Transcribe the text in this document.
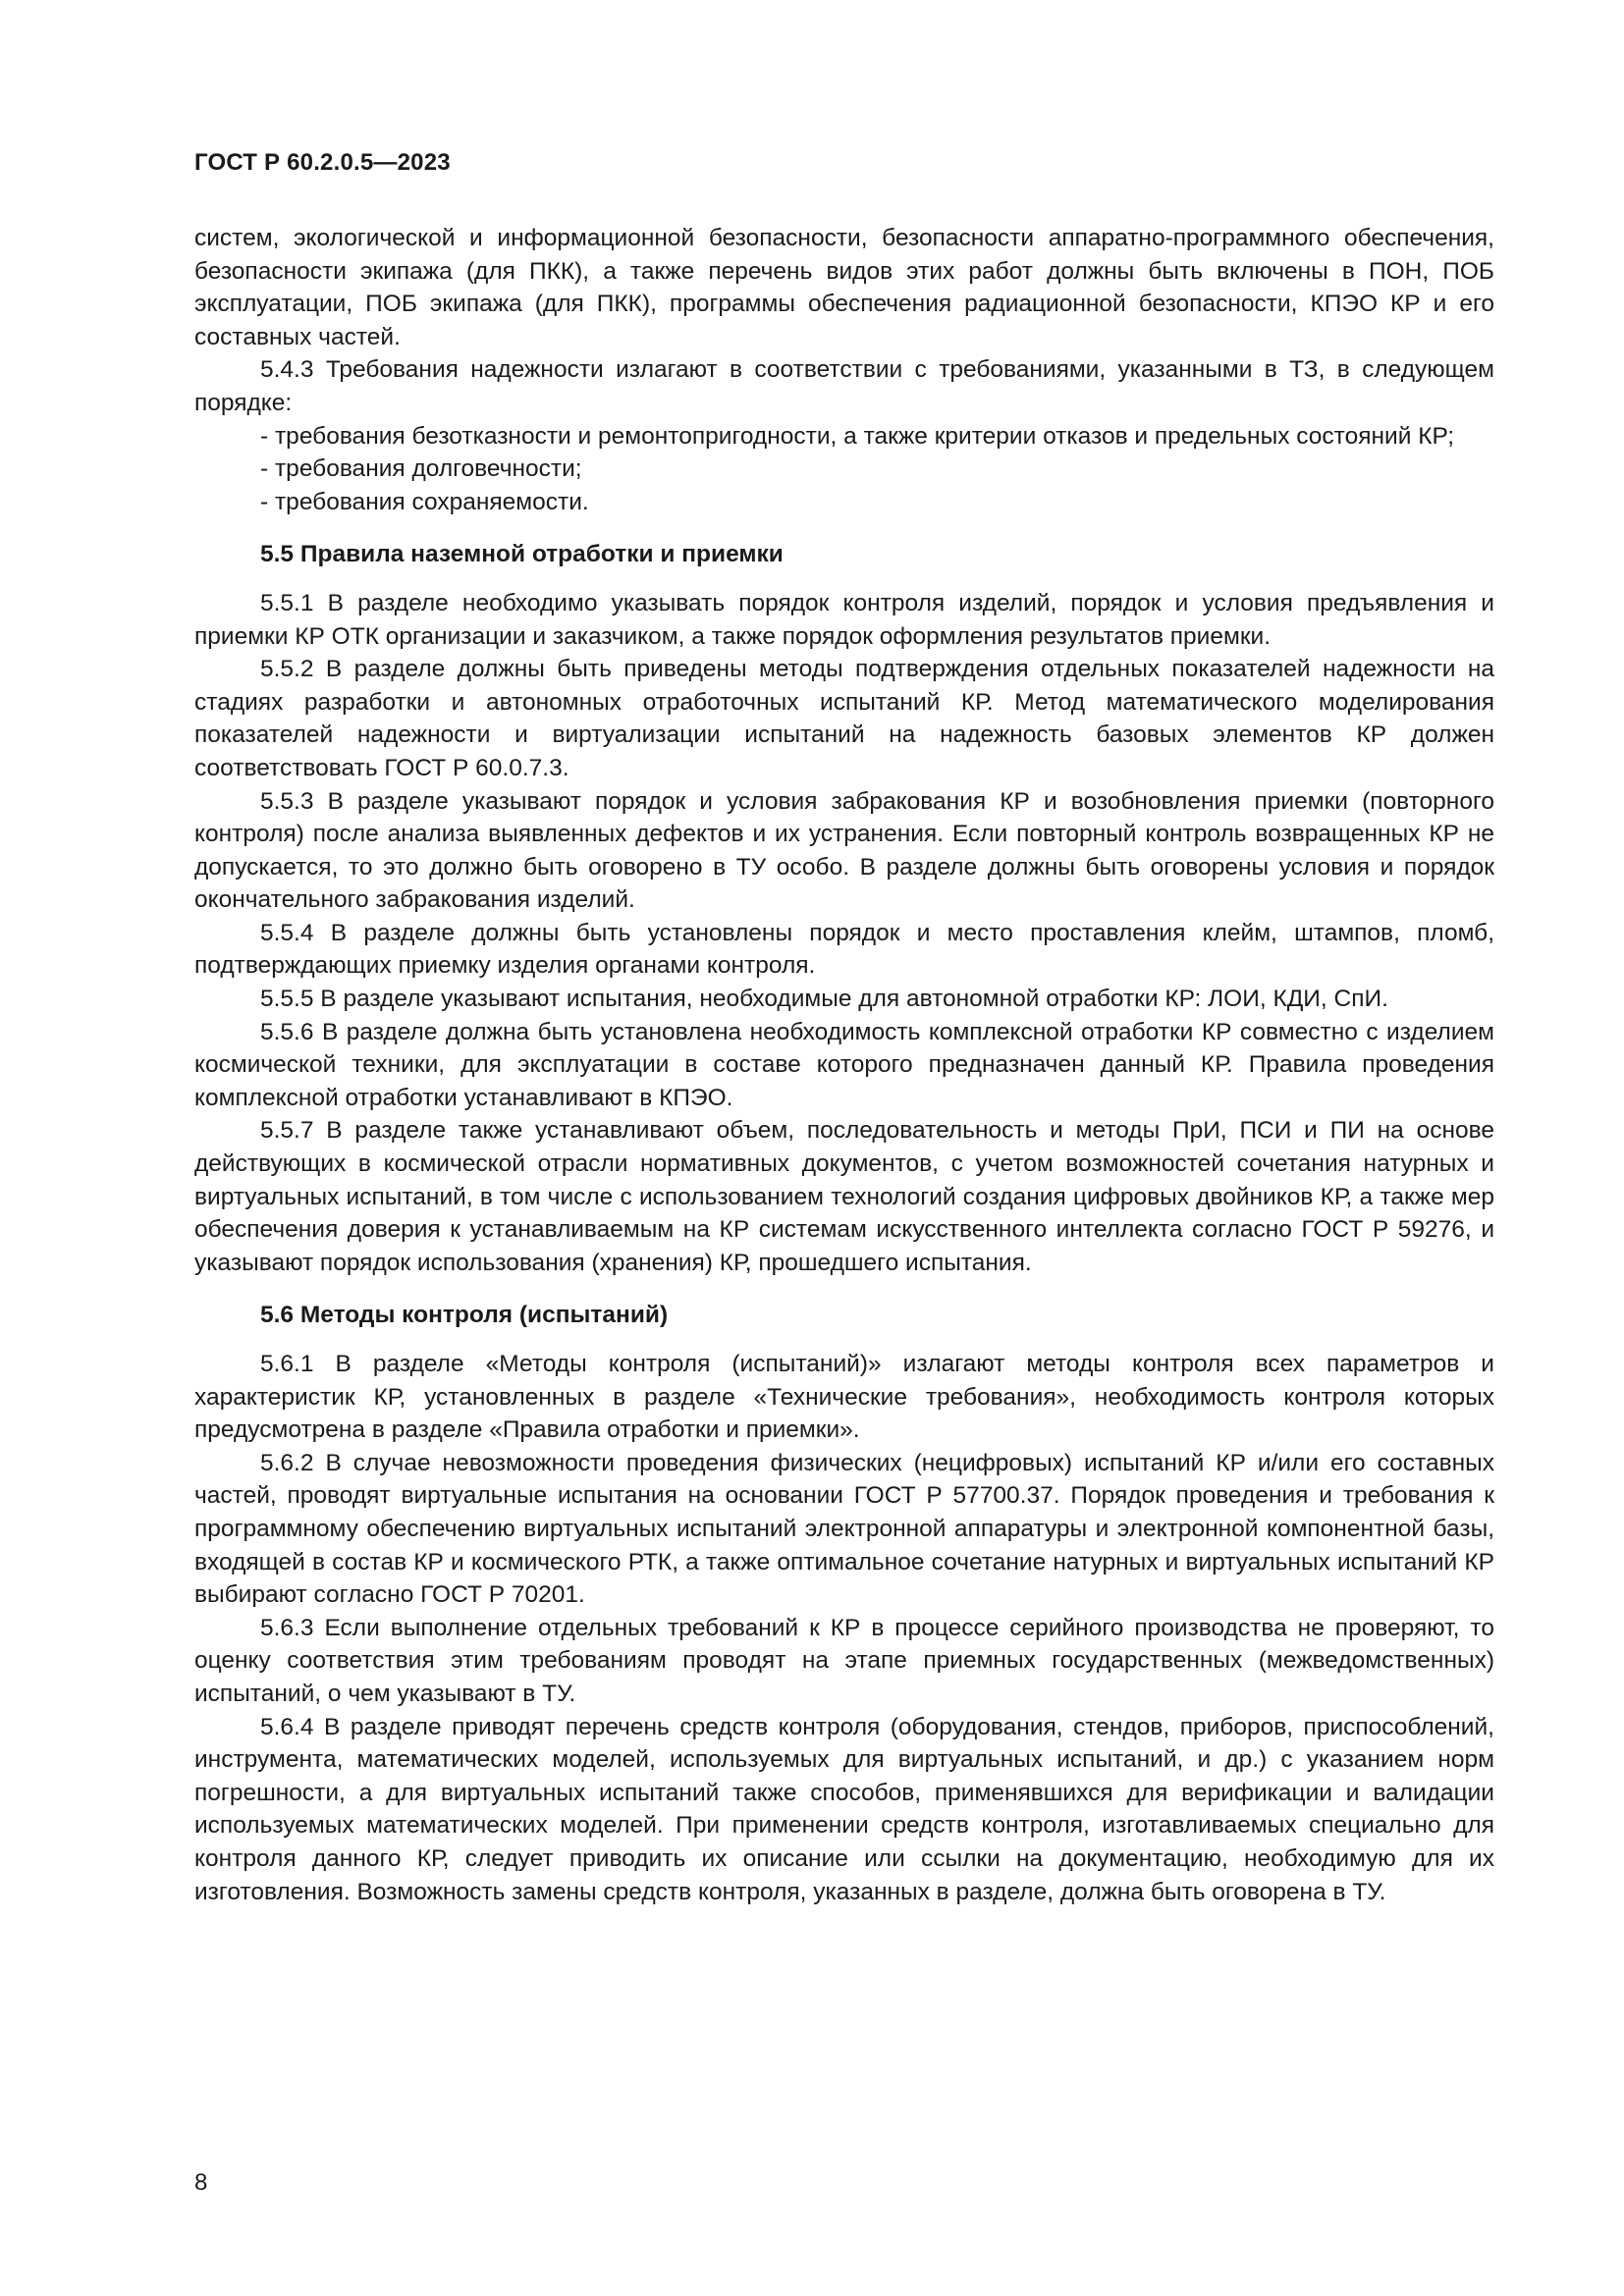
ГОСТ Р 60.2.0.5—2023

систем, экологической и информационной безопасности, безопасности аппаратно-программного обеспечения, безопасности экипажа (для ПКК), а также перечень видов этих работ должны быть включены в ПОН, ПОБ эксплуатации, ПОБ экипажа (для ПКК), программы обеспечения радиационной безопасности, КПЭО КР и его составных частей.

5.4.3 Требования надежности излагают в соответствии с требованиями, указанными в ТЗ, в следующем порядке:

- требования безотказности и ремонтопригодности, а также критерии отказов и предельных состояний КР;

- требования долговечности;

- требования сохраняемости.

5.5 Правила наземной отработки и приемки

5.5.1 В разделе необходимо указывать порядок контроля изделий, порядок и условия предъявления и приемки КР ОТК организации и заказчиком, а также порядок оформления результатов приемки.

5.5.2 В разделе должны быть приведены методы подтверждения отдельных показателей надежности на стадиях разработки и автономных отработочных испытаний КР. Метод математического моделирования показателей надежности и виртуализации испытаний на надежность базовых элементов КР должен соответствовать ГОСТ Р 60.0.7.3.

5.5.3 В разделе указывают порядок и условия забракования КР и возобновления приемки (повторного контроля) после анализа выявленных дефектов и их устранения. Если повторный контроль возвращенных КР не допускается, то это должно быть оговорено в ТУ особо. В разделе должны быть оговорены условия и порядок окончательного забракования изделий.

5.5.4 В разделе должны быть установлены порядок и место проставления клейм, штампов, пломб, подтверждающих приемку изделия органами контроля.

5.5.5 В разделе указывают испытания, необходимые для автономной отработки КР: ЛОИ, КДИ, СпИ.

5.5.6 В разделе должна быть установлена необходимость комплексной отработки КР совместно с изделием космической техники, для эксплуатации в составе которого предназначен данный КР. Правила проведения комплексной отработки устанавливают в КПЭО.

5.5.7 В разделе также устанавливают объем, последовательность и методы ПрИ, ПСИ и ПИ на основе действующих в космической отрасли нормативных документов, с учетом возможностей сочетания натурных и виртуальных испытаний, в том числе с использованием технологий создания цифровых двойников КР, а также мер обеспечения доверия к устанавливаемым на КР системам искусственного интеллекта согласно ГОСТ Р 59276, и указывают порядок использования (хранения) КР, прошедшего испытания.

5.6 Методы контроля (испытаний)

5.6.1 В разделе «Методы контроля (испытаний)» излагают методы контроля всех параметров и характеристик КР, установленных в разделе «Технические требования», необходимость контроля которых предусмотрена в разделе «Правила отработки и приемки».

5.6.2 В случае невозможности проведения физических (нецифровых) испытаний КР и/или его составных частей, проводят виртуальные испытания на основании ГОСТ Р 57700.37. Порядок проведения и требования к программному обеспечению виртуальных испытаний электронной аппаратуры и электронной компонентной базы, входящей в состав КР и космического РТК, а также оптимальное сочетание натурных и виртуальных испытаний КР выбирают согласно ГОСТ Р 70201.

5.6.3 Если выполнение отдельных требований к КР в процессе серийного производства не проверяют, то оценку соответствия этим требованиям проводят на этапе приемных государственных (межведомственных) испытаний, о чем указывают в ТУ.

5.6.4 В разделе приводят перечень средств контроля (оборудования, стендов, приборов, приспособлений, инструмента, математических моделей, используемых для виртуальных испытаний, и др.) с указанием норм погрешности, а для виртуальных испытаний также способов, применявшихся для верификации и валидации используемых математических моделей. При применении средств контроля, изготавливаемых специально для контроля данного КР, следует приводить их описание или ссылки на документацию, необходимую для их изготовления. Возможность замены средств контроля, указанных в разделе, должна быть оговорена в ТУ.

8
